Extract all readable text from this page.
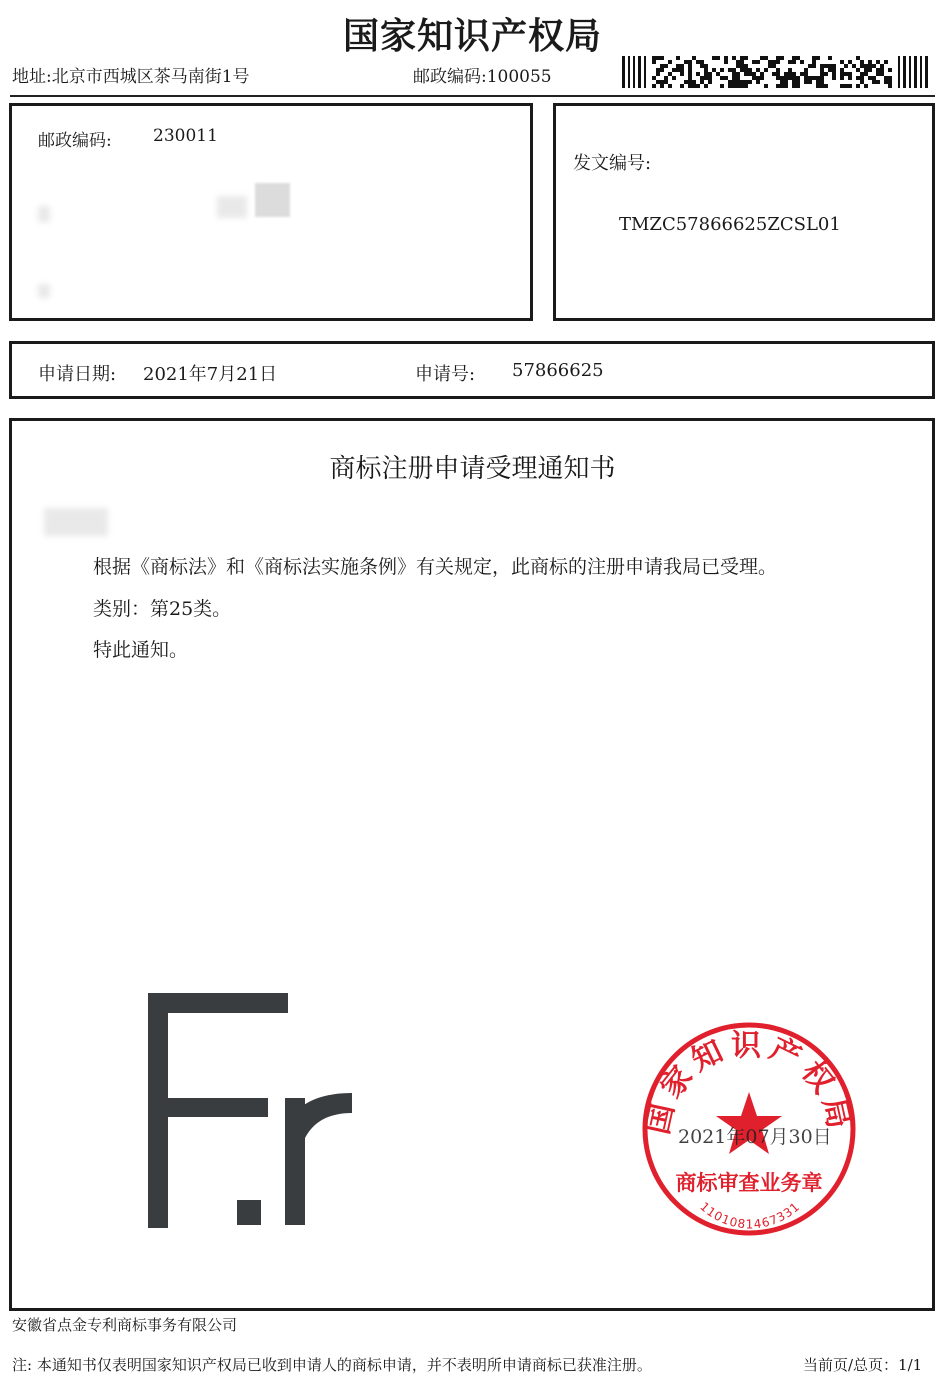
国家知识产权局
地址:北京市西城区茶马南街1号	邮政编码:100055
邮政编码: 230011
发文编号:
TMZC57866625ZCSL01
申请日期: 2021年7月21日	申请号: 57866625
商标注册申请受理通知书
根据《商标法》和《商标法实施条例》有关规定，此商标的注册申请我局已受理。
类别：第25类。
特此通知。
国家知识产权局
商标审查业务章
1101081467331
2021年07月30日
安徽省点金专利商标事务有限公司
注: 本通知书仅表明国家知识产权局已收到申请人的商标申请，并不表明所申请商标已获准注册。	当前页/总页：1/1
